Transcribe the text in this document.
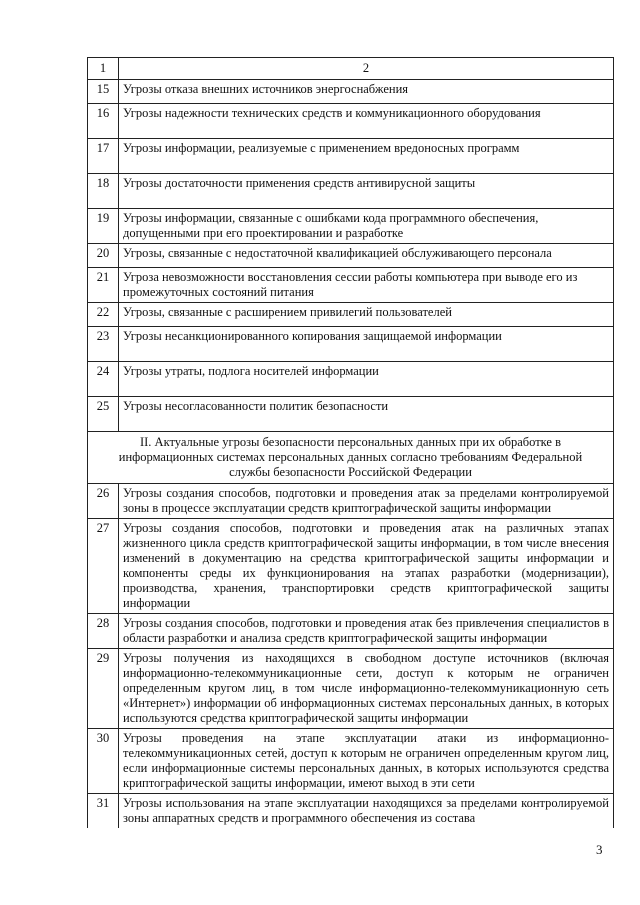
1	2
15	Угрозы отказа внешних источников энергоснабжения
16	Угрозы надежности технических средств и коммуникационного оборудования
17	Угрозы информации, реализуемые с применением вредоносных программ
18	Угрозы достаточности применения средств антивирусной защиты
19	Угрозы информации, связанные с ошибками кода программного обеспечения, допущенными при его проектировании и разработке
20	Угрозы, связанные с недостаточной квалификацией обслуживающего персонала
21	Угроза невозможности восстановления сессии работы компьютера при выводе его из промежуточных состояний питания
22	Угрозы, связанные с расширением привилегий пользователей
23	Угрозы несанкционированного копирования защищаемой информации
24	Угрозы утраты, подлога носителей информации
25	Угрозы несогласованности политик безопасности
II. Актуальные угрозы безопасности персональных данных при их обработке в информационных системах персональных данных согласно требованиям Федеральной службы безопасности Российской Федерации	
26	Угрозы создания способов, подготовки и проведения атак за пределами контролируемой зоны в процессе эксплуатации средств криптографической защиты информации
27	Угрозы создания способов, подготовки и проведения атак на различных этапах жизненного цикла средств криптографической защиты информации, в том числе внесения изменений в документацию на средства криптографической защиты информации и компоненты среды их функционирования на этапах разработки (модернизации), производства, хранения, транспортировки средств криптографической защиты информации
28	Угрозы создания способов, подготовки и проведения атак без привлечения специалистов в области разработки и анализа средств криптографической защиты информации
29	Угрозы получения из находящихся в свободном доступе источников (включая информационно-телекоммуникационные сети, доступ к которым не ограничен определенным кругом лиц, в том числе информационно-телекоммуникационную сеть «Интернет») информации об информационных системах персональных данных, в которых используются средства криптографической защиты информации
30	Угрозы проведения на этапе эксплуатации атаки из информационно-телекоммуникационных сетей, доступ к которым не ограничен определенным кругом лиц, если информационные системы персональных данных, в которых используются средства криптографической защиты информации, имеют выход в эти сети
31	Угрозы использования на этапе эксплуатации находящихся за пределами контролируемой зоны аппаратных средств и программного обеспечения из состава
3
